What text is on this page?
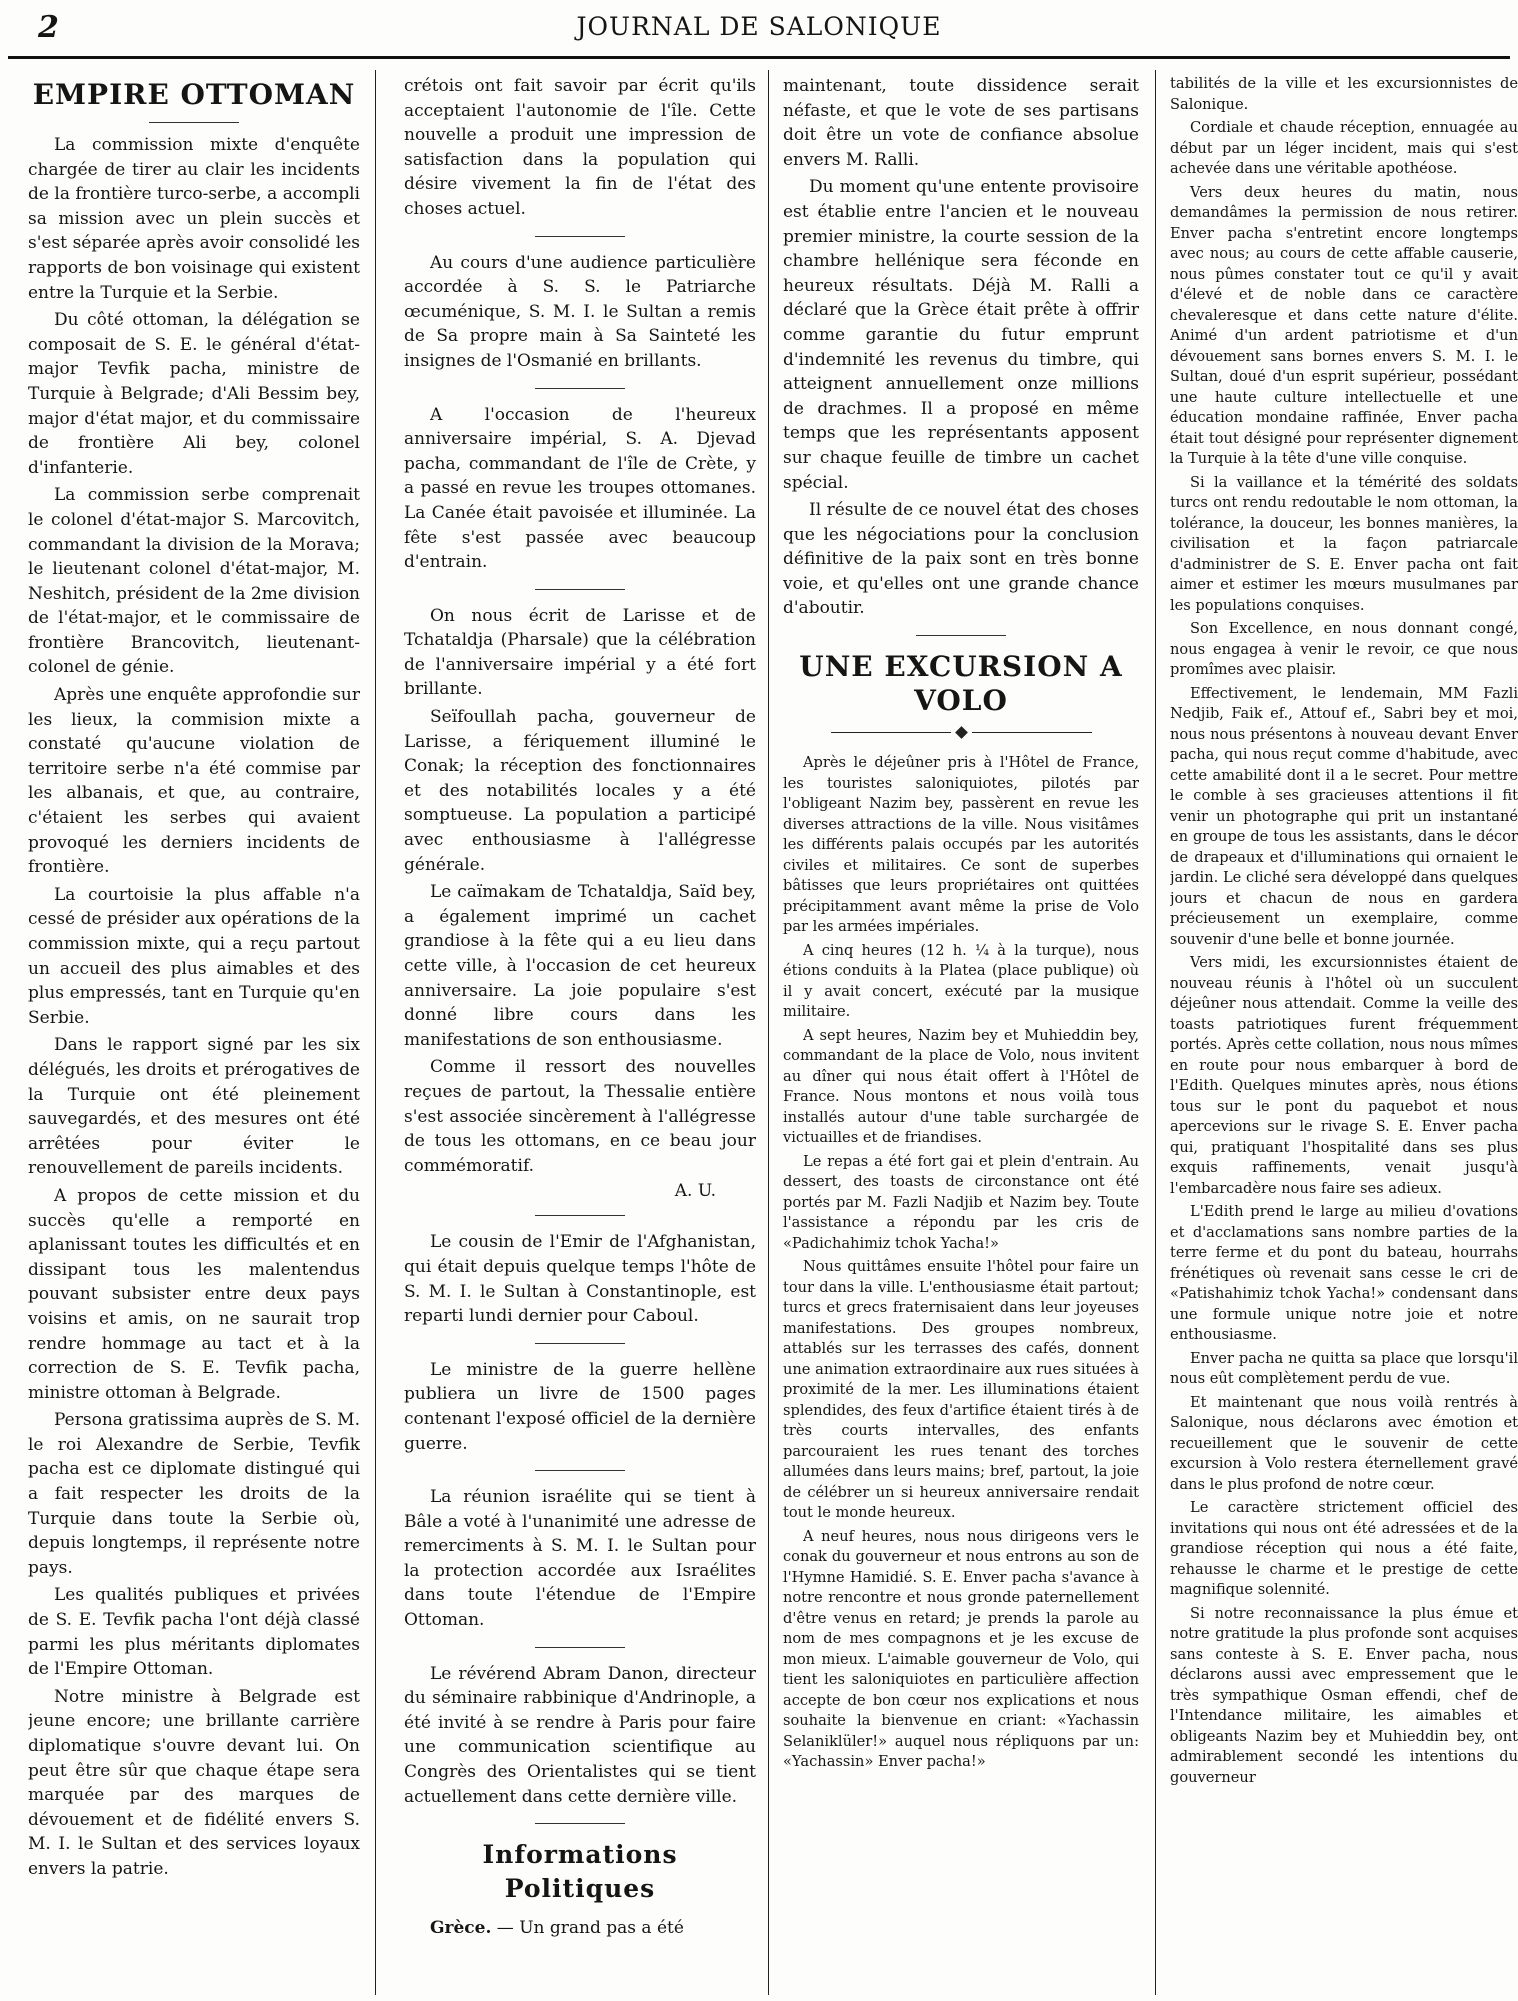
2	JOURNAL DE SALONIQUE
EMPIRE OTTOMAN

La commission mixte d'enquête chargée de tirer au clair les incidents de la frontière turco-serbe, a accompli sa mission avec un plein succès et s'est séparée après avoir consolidé les rapports de bon voisinage qui existent entre la Turquie et la Serbie.

Du côté ottoman, la délégation se composait de S. E. le général d'état-major Tevfik pacha, ministre de Turquie à Belgrade; d'Ali Bessim bey, major d'état major, et du commissaire de frontière Ali bey, colonel d'infanterie.

La commission serbe comprenait le colonel d'état-major S. Marcovitch, commandant la division de la Morava; le lieutenant colonel d'état-major, M. Neshitch, président de la 2me division de l'état-major, et le commissaire de frontière Brancovitch, lieutenant-colonel de génie.

Après une enquête approfondie sur les lieux, la commision mixte a constaté qu'aucune violation de territoire serbe n'a été commise par les albanais, et que, au contraire, c'étaient les serbes qui avaient provoqué les derniers incidents de frontière.

La courtoisie la plus affable n'a cessé de présider aux opérations de la commission mixte, qui a reçu partout un accueil des plus aimables et des plus empressés, tant en Turquie qu'en Serbie.

Dans le rapport signé par les six délégués, les droits et prérogatives de la Turquie ont été pleinement sauvegardés, et des mesures ont été arrêtées pour éviter le renouvellement de pareils incidents.

A propos de cette mission et du succès qu'elle a remporté en aplanissant toutes les difficultés et en dissipant tous les malentendus pouvant subsister entre deux pays voisins et amis, on ne saurait trop rendre hommage au tact et à la correction de S. E. Tevfik pacha, ministre ottoman à Belgrade.

Persona gratissima auprès de S. M. le roi Alexandre de Serbie, Tevfik pacha est ce diplomate distingué qui a fait respecter les droits de la Turquie dans toute la Serbie où, depuis longtemps, il représente notre pays.

Les qualités publiques et privées de S. E. Tevfik pacha l'ont déjà classé parmi les plus méritants diplomates de l'Empire Ottoman.

Notre ministre à Belgrade est jeune encore; une brillante carrière diplomatique s'ouvre devant lui. On peut être sûr que chaque étape sera marquée par des marques de dévouement et de fidélité envers S. M. I. le Sultan et des services loyaux envers la patrie.

crétois ont fait savoir par écrit qu'ils acceptaient l'autonomie de l'île. Cette nouvelle a produit une impression de satisfaction dans la population qui désire vivement la fin de l'état des choses actuel.

Au cours d'une audience particulière accordée à S. S. le Patriarche œcuménique, S. M. I. le Sultan a remis de Sa propre main à Sa Sainteté les insignes de l'Osmanié en brillants.

A l'occasion de l'heureux anniversaire impérial, S. A. Djevad pacha, commandant de l'île de Crète, y a passé en revue les troupes ottomanes. La Canée était pavoisée et illuminée. La fête s'est passée avec beaucoup d'entrain.

On nous écrit de Larisse et de Tchataldja (Pharsale) que la célébration de l'anniversaire impérial y a été fort brillante.

Seïfoullah pacha, gouverneur de Larisse, a fériquement illuminé le Conak; la réception des fonctionnaires et des notabilités locales y a été somptueuse. La population a participé avec enthousiasme à l'allégresse générale.

Le caïmakam de Tchataldja, Saïd bey, a également imprimé un cachet grandiose à la fête qui a eu lieu dans cette ville, à l'occasion de cet heureux anniversaire. La joie populaire s'est donné libre cours dans les manifestations de son enthousiasme.

Comme il ressort des nouvelles reçues de partout, la Thessalie entière s'est associée sincèrement à l'allégresse de tous les ottomans, en ce beau jour commémoratif.

A. U.

Le cousin de l'Emir de l'Afghanistan, qui était depuis quelque temps l'hôte de S. M. I. le Sultan à Constantinople, est reparti lundi dernier pour Caboul.

Le ministre de la guerre hellène publiera un livre de 1500 pages contenant l'exposé officiel de la dernière guerre.

La réunion israélite qui se tient à Bâle a voté à l'unanimité une adresse de remerciments à S. M. I. le Sultan pour la protection accordée aux Israélites dans toute l'étendue de l'Empire Ottoman.

Le révérend Abram Danon, directeur du séminaire rabbinique d'Andrinople, a été invité à se rendre à Paris pour faire une communication scientifique au Congrès des Orientalistes qui se tient actuellement dans cette dernière ville.

Informations Politiques

Grèce. — Un grand pas a été

maintenant, toute dissidence serait néfaste, et que le vote de ses partisans doit être un vote de confiance absolue envers M. Ralli.

Du moment qu'une entente provisoire est établie entre l'ancien et le nouveau premier ministre, la courte session de la chambre hellénique sera féconde en heureux résultats. Déjà M. Ralli a déclaré que la Grèce était prête à offrir comme garantie du futur emprunt d'indemnité les revenus du timbre, qui atteignent annuellement onze millions de drachmes. Il a proposé en même temps que les représentants apposent sur chaque feuille de timbre un cachet spécial.

Il résulte de ce nouvel état des choses que les négociations pour la conclusion définitive de la paix sont en très bonne voie, et qu'elles ont une grande chance d'aboutir.

UNE EXCURSION A VOLO

Après le déjeûner pris à l'Hôtel de France, les touristes saloniquiotes, pilotés par l'obligeant Nazim bey, passèrent en revue les diverses attractions de la ville. Nous visitâmes les différents palais occupés par les autorités civiles et militaires. Ce sont de superbes bâtisses que leurs propriétaires ont quittées précipitamment avant même la prise de Volo par les armées impériales.

A cinq heures (12 h. ¼ à la turque), nous étions conduits à la Platea (place publique) où il y avait concert, exécuté par la musique militaire.

A sept heures, Nazim bey et Muhieddin bey, commandant de la place de Volo, nous invitent au dîner qui nous était offert à l'Hôtel de France. Nous montons et nous voilà tous installés autour d'une table surchargée de victuailles et de friandises.

Le repas a été fort gai et plein d'entrain. Au dessert, des toasts de circonstance ont été portés par M. Fazli Nadjib et Nazim bey. Toute l'assistance a répondu par les cris de «Padichahimiz tchok Yacha!»

Nous quittâmes ensuite l'hôtel pour faire un tour dans la ville. L'enthousiasme était partout; turcs et grecs fraternisaient dans leur joyeuses manifestations. Des groupes nombreux, attablés sur les terrasses des cafés, donnent une animation extraordinaire aux rues situées à proximité de la mer. Les illuminations étaient splendides, des feux d'artifice étaient tirés à de très courts intervalles, des enfants parcouraient les rues tenant des torches allumées dans leurs mains; bref, partout, la joie de célébrer un si heureux anniversaire rendait tout le monde heureux.

A neuf heures, nous nous dirigeons vers le conak du gouverneur et nous entrons au son de l'Hymne Hamidié. S. E. Enver pacha s'avance à notre rencontre et nous gronde paternellement d'être venus en retard; je prends la parole au nom de mes compagnons et je les excuse de mon mieux. L'aimable gouverneur de Volo, qui tient les saloniquiotes en particulière affection accepte de bon cœur nos explications et nous souhaite la bienvenue en criant: «Yachassin Selaniklüler!» auquel nous répliquons par un: «Yachassin» Enver pacha!»

tabilités de la ville et les excursionnistes de Salonique.

Cordiale et chaude réception, ennuagée au début par un léger incident, mais qui s'est achevée dans une véritable apothéose.

Vers deux heures du matin, nous demandâmes la permission de nous retirer. Enver pacha s'entretint encore longtemps avec nous; au cours de cette affable causerie, nous pûmes constater tout ce qu'il y avait d'élevé et de noble dans ce caractère chevaleresque et dans cette nature d'élite. Animé d'un ardent patriotisme et d'un dévouement sans bornes envers S. M. I. le Sultan, doué d'un esprit supérieur, possédant une haute culture intellectuelle et une éducation mondaine raffinée, Enver pacha était tout désigné pour représenter dignement la Turquie à la tête d'une ville conquise.

Si la vaillance et la témérité des soldats turcs ont rendu redoutable le nom ottoman, la tolérance, la douceur, les bonnes manières, la civilisation et la façon patriarcale d'administrer de S. E. Enver pacha ont fait aimer et estimer les mœurs musulmanes par les populations conquises.

Son Excellence, en nous donnant congé, nous engagea à venir le revoir, ce que nous promîmes avec plaisir.

Effectivement, le lendemain, MM Fazli Nedjib, Faik ef., Attouf ef., Sabri bey et moi, nous nous présentons à nouveau devant Enver pacha, qui nous reçut comme d'habitude, avec cette amabilité dont il a le secret. Pour mettre le comble à ses gracieuses attentions il fit venir un photographe qui prit un instantané en groupe de tous les assistants, dans le décor de drapeaux et d'illuminations qui ornaient le jardin. Le cliché sera développé dans quelques jours et chacun de nous en gardera précieusement un exemplaire, comme souvenir d'une belle et bonne journée.

Vers midi, les excursionnistes étaient de nouveau réunis à l'hôtel où un succulent déjeûner nous attendait. Comme la veille des toasts patriotiques furent fréquemment portés. Après cette collation, nous nous mîmes en route pour nous embarquer à bord de l'Edith. Quelques minutes après, nous étions tous sur le pont du paquebot et nous apercevions sur le rivage S. E. Enver pacha qui, pratiquant l'hospitalité dans ses plus exquis raffinements, venait jusqu'à l'embarcadère nous faire ses adieux.

L'Edith prend le large au milieu d'ovations et d'acclamations sans nombre parties de la terre ferme et du pont du bateau, hourrahs frénétiques où revenait sans cesse le cri de «Patishahimiz tchok Yacha!» condensant dans une formule unique notre joie et notre enthousiasme.

Enver pacha ne quitta sa place que lorsqu'il nous eût complètement perdu de vue.

Et maintenant que nous voilà rentrés à Salonique, nous déclarons avec émotion et recueillement que le souvenir de cette excursion à Volo restera éternellement gravé dans le plus profond de notre cœur.

Le caractère strictement officiel des invitations qui nous ont été adressées et de la grandiose réception qui nous a été faite, rehausse le charme et le prestige de cette magnifique solennité.

Si notre reconnaissance la plus émue et notre gratitude la plus profonde sont acquises sans conteste à S. E. Enver pacha, nous déclarons aussi avec empressement que le très sympathique Osman effendi, chef de l'Intendance militaire, les aimables et obligeants Nazim bey et Muhieddin bey, ont admirablement secondé les intentions du gouverneur
